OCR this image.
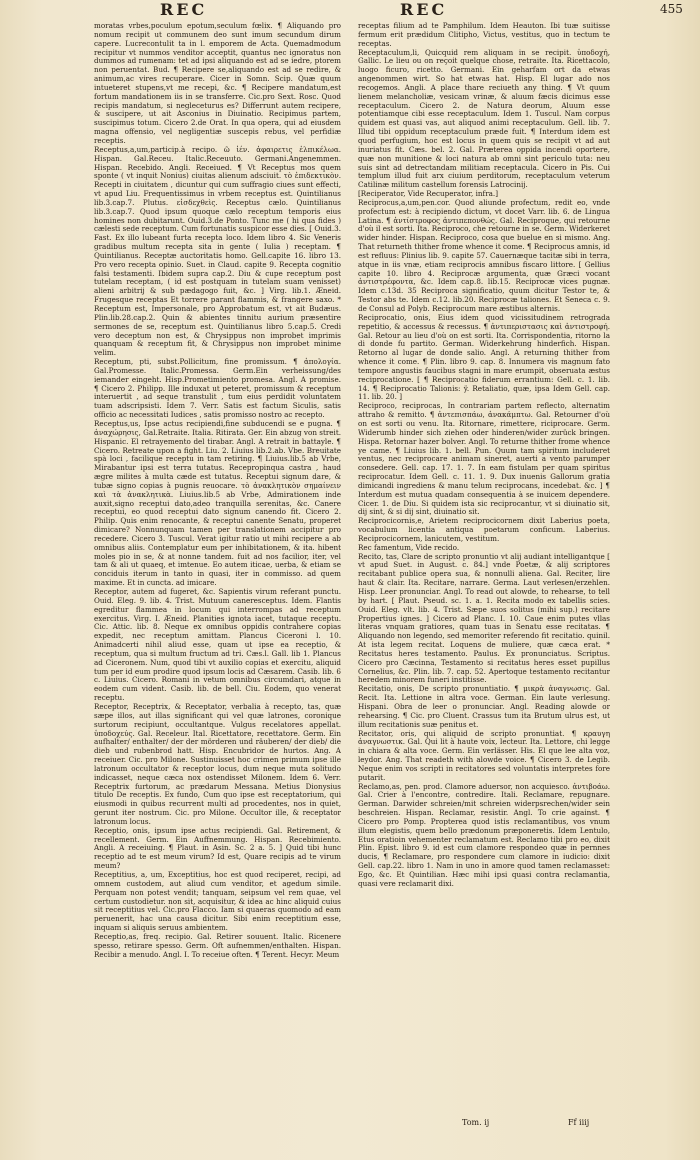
REC	REC	455

moratas vrbes,poculum epotum,seculum fœlix. ¶ Aliquando pro nomum recipit ut communem deo sunt imum secundum dirum capere. Lucrecontulit ta in l. emporem de Acta. Quemadmodum recipitur vt nummos venditor acceptit, quantus nec ignoratus non dummos ad rumenam: tet ad ipsi aliquando est ad se iedre, ptorem non peruentat. Bud. ¶ Recipere se,aliquando est ad se redire, & animum,ac vires recuperare. Cicer in Somn. Scip. Quæ quum intueteret stupens,vt me recepi, &c. ¶ Recipere mandatum,est fortum mandationem iis in se transferre. Cic.pro Sext. Rosc. Quod recipis mandatum, si negleceturus es? Differrunt autem recipere, & suscipere, ut ait Asconius in Diuinatio. Recipimus partem, suscipimus totum. Cicero 2.de Orat. In qua opera, qui ad eiusdem magna offensio, vel negligentiæ suscepis rebus, vel perfidiæ receptis.

Receptus,a,um,particip.à recipo. ῶ ἰέν. ἀφαιρετις ἐλπικέλωα. Hispan. Gal.Receu. Italic.Receuuto. Germani.Angenemmen. Hispan. Recebido. Angli. Receiued. ¶ Vt Receptus mos quem sponte ( vt inquit Nonius) ciuitas alienum adsciuit. τὸ ἐπιδεκτικὸν. Recepti in ciuitatem , dicuntur qui cum suffragio ciues sunt effecti, vt apud Liu. Frequentissimus in vrbem receptus est. Quintilianus lib.3.cap.7. Plutus. εἰσδεχθεὶς. Receptus cælo. Quintilianus lib.3.cap.7. Quod ipsum quoque cælo receptum temporis eius homines non dubitarunt. Ouid.3.de Ponto. Tunc me ( hi qua fides ) cælesti sede receptum. Cum fortunatis suspicor esse dies. [ Ouid.3. Fast. Ex illo lubeant furta recepta loco. Idem libro 4. Sic Veneris gradibus multum recepta sita in gente ( Iulia ) receptam. ¶ Quintilianus. Receptæ auctoritatis homo. Gell.capite 16. libro 13. Pro vero recepta opinio. Suet. in Claud. capite 9. Recepta cognitio falsi testamenti. Ibidem supra cap.2. Diu & cupe receptum post tutelam receptam, ( id est postquam in tutelam suam venisset) alieni arbitrij & sub pædagogo fuit, &c. ] Virg. lib.1. Æneid. Frugesque receptas Et torrere parant flammis, & frangere saxo. * Receptum est, Impersonale, pro Approbatum est, vt ait Budæus. Plin.lib.28.cap.2. Quin & abientes tinnitu aurium præsentire sermones de se, receptum est. Quintilianus libro 5.cap.5. Credi vero deceptum non est, & Chrysippus non improbet imprimis quanquam & receptum fit, & Chrysippus non improbet minime velim.

Receptum, pti, subst.Pollicitum, fine promissum. ¶ ἀπολογία. Gal.Promesse. Italic.Promessa. Germ.Ein verheissung/des iemander eingeht. Hisp.Prometimiento promesa. Angl. A promise. ¶ Cicero 2. Philipp. Ille induxat ut peteret, promissum & receptum interuertit , ad seque transtulit , tum eius perdidit voluntatem tuam adscripsisti. Idem 7. Verr. Satis est factum Siculis, satis officio ac necessitati Iudices , satis promisso nostro ac recepto.

Receptus,us, Ipse actus recipiendi,fine subducendi se e pugna. ¶ ἀναχώρησις, Gal.Retraite. Italia. Ritirata. Ger. Ein abzug von streit. Hispanic. El retrayemento del tirabar. Angl. A retrait in battayle. ¶ Cicero. Retreate upon a fight. Liu. 2. Liuius lib.2.ab. Vbe. Breuitate spà loci , facilique receptu in tam retiring. ¶ Liuius.lib.5 ab Vrbe, Mirabantur ipsi est terra tutatus. Recepropinqua castra , haud ægre milites à multa cæde est tutatus. Receptui signum dare, & tubæ signo copias à pugnis reuocare. τὸ ἀνακλητικὸν σημαίνειν καὶ τὰ ἀνακλητικὰ. Liuius.lib.5 ab Vrbe, Admirationem inde auxit,signo receptui dato,adeo tranquilla serenitas, &c. Canere receptui, eo quod receptui dato signum canendo fit. Cicero 2. Philip. Quis enim renocante, & receptui canente Senatu, properet dimicare? Nonnunquam tamen per translationem accipitur pro recedere. Cicero 3. Tuscul. Verat igitur ratio ut mihi recipere a ab omnibus aliis. Contemplatur eum per inhibitationem, & ita. hibent moles pio in se, & at nonne tandem. fuit ad nos facilior, iter, vel tam & ali ut quaeq, et imtenue. Eo autem iticae, uerba, & etiam se conciduis iterum in tanto in quasi, iter in commisso. ad quem maxime. Et in cuncta. ad imicare.

Receptor, autem ad fugeret, &c. Sapientis virum referant punctu. Ouid. Eleg. 9. lib. 4. Trist. Mutuum caneresceptus. Idem. Flantis egreditur flammea in locum qui interrompas ad receptum exercitus. Virg. I. Æneid. Planities ignota iacet, tutaque receptu. Cic. Attic. lib. 8. Neque ex omnibus oppidis contrahere copias expedit, nec receptum amittam. Plancus Ciceroni l. 10. Animadcerti nihil aliud esse, quam ut ipse ea receptio, & receptum, qua si multum fructum ad tri. Cæs.l. Gall. lib 1. Plancus ad Ciceronem. Num, quod tibi vt auxilio copias et exercitu, aliquid tum per id eum prodire quod ipsum locis ad Cæsarem. Casib. lib. 6 c. Liuius. Cicero. Romani in vetum omnibus circumdari, atque in eodem cum vident. Casib. lib. de bell. Ciu. Eodem, quo venerat receptu.

Receptor, Receptrix, & Receptator, verbalia à recepto, tas, quæ sæpe illos, aut illas significant qui vel quæ latrones, coronique surtorum recipiunt, occultantque. Vulgus recelatores appellat. ὑποδοχεύς. Gal. Receleur. Ital. Ricettatore, recettatore. Germ. Ein aufhalter/ enthalter/ der der mörderen und räuberen/ der dieb/ die dieb und rubenbrod hatt. Hisp. Encubridor de hurtos. Ang. A receiuer. Cic. pro Milone. Sustinuisset hoc crimen primum ipse ille latronum occultator & receptor locus, dum neque muta solitudo indicasset, neque cæca nox ostendisset Milonem. Idem 6. Verr. Receptrix furtorum, ac prædarum Messana. Metius Dionysius titulo De receptis. Ex fundo, Cum quo ipse est receptatorium, qui eiusmodi in quibus recurrent multi ad procedentes, nos in quiet, gerunt iter nostrum. Cic. pro Milone. Occultor ille, & receptator latronum locus.

Receptio, onis, ipsum ipse actus recipiendi. Gal. Retirement, & recellement. Germ. Ein Auffnemmung. Hispan. Recebimiento. Angli. A receiuing. ¶ Plaut. in Asin. Sc. 2 a. 5. ] Quid tibi hunc receptio ad te est meum virum? Id est, Quare recipis ad te virum meum?

Receptitius, a, um, Exceptitius, hoc est quod reciperet, recipi, ad omnem custodem, aut aliud cum venditor, et agedum simile. Perquam non potest vendit; tanquam, seipsum vel rem quae, vel certum custodietur. non sit, acquisitur, & idea ac hinc aliquid cuius sit receptitius vel. Cic.pro Flacco. Iam si quaeras quomodo ad eam peruenerit, hac una causa dicitur. Sibi enim receptitium esse, inquam si aliquis seruus ambientem.

Receptio,as, freq. recipio. Gal. Retirer souuent. Italic. Ricenere spesso, retirare spesso. Germ. Oft aufnemmen/enthalten. Hispan. Recibir a menudo. Angl. I. To receiue often. ¶ Terent. Hecyr. Meum

receptas filium ad te Pamphilum. Idem Heauton. Ibi tuæ suitisse fermum erit prædidum Clitipho, Victus, vestitus, quo in tectum te receptas.

Receptaculum,li, Quicquid rem aliquam in se recipit. ὑποδοχή, Gallic. Le lieu ou on reçoit quelque chose, retraite. Ita. Ricettacolo, luogo ficuro, ricetto. Germani. Ein geharfam ort da etwas angenommen wirt. So hat etwas hat. Hisp. El lugar ado nos recogemos. Angli. A place thare reciueth any thing. ¶ Vt quum lienem melancholiæ, vesicam vrinæ, & aluum fæcis dicimus esse receptaculum. Cicero 2. de Natura deorum, Aluum esse potentiamque cibi esse receptaculum. Idem 1. Tuscul. Nam corpus quidem est quasi vas, aut aliquod animi receptaculum. Gell. lib. 7. Illud tibi oppidum receptaculum præde fuit. ¶ Interdum idem est quod perfugium, hoc est locus in quem quis se recipit vt ad aut inuriatus fit. Cæs. bel. 2. Gal. Præterea oppida incendi oportere, quæ non munitione & loci natura ab omni sint periculo tuta: neu suis sint ad detrectandam militiam receptacula. Cicero in Pis. Cui templum illud fuit arx ciuium perditorum, receptaculum veterum Catilinæ militum castellum forensis Latrocinij.

[Reciperator, Vide Recuperator, infra.]

Reciprocus,a,um,pen.cor. Quod aliunde profectum, redit eo, vnde profectum est: à recipiendo dictum, vt docet Varr. lib. 6. de Lingua Latina. ¶ ἀντίστροφος ἀντιπεπονθώς. Gal. Reciproque, qui retourne d'où il est sorti. Ita. Reciproco, che retourne in se. Germ. Widerkeret wider hinder. Hispan. Reciproco, cosa que buelue en si mismo. Ang. That returneth thither frome whence it come. ¶ Reciprocus amnis, id est refluus: Plinius lib. 9. capite 57. Cauernæque tacitæ sibi in terra, atque in iis vnæ, etiam reciprocis amnibus fiscaro littore. [ Gellius capite 10. libro 4. Reciprocæ argumenta, quæ Græci vocant ἀντιστρέφοντα, &c. Idem cap.8. lib.15. Reciprocæ vices pugnæ. Idem c.13d. 35 Reciproca significatio, quum dicitur Testor te, & Testor abs te. Idem c.12. lib.20. Reciprocæ taliones. Et Seneca c. 9. de Consul ad Polyb. Reciprocum mare æstibus alternis.

Reciprocatio, onis, Eius idem quod vicissitudinem retrograda repetitio, & accessus & recessus. ¶ ἀντιπεριστασις καὶ ἀντιστροφή. Gal. Retour au lieu d'où on est sorti. Ita. Corrispondentia, ritorno la di donde fu partito. German. Widerkehrung hinderfich. Hispan. Retorno al lugar de donde salio. Angl. A returning thither from whence it come. ¶ Plin. libro 9. cap. 8. Innumera vis magnum fato tempore angustis faucibus stagni in mare erumpit, obseruata æstus reciprocatione. [ ¶ Reciprocatio fiderum errantium: Gell. c. 1. lib. 14. ¶ Reciprocatio Talionis: ÿ. Retaliatio, quæ, ipsa Idem Gell. cap. 11. lib. 20. ]

Reciproco, reciprocas, In contrariam partem reflecto, alternatim attraho & remitto. ¶ ἀντεπισπάω, ἀνακάμπτω. Gal. Retourner d'où on est sorti ou venu. Ita. Ritornare, rimettere, riciprocare. Germ. Widerumb hinder sich ziehen oder hinderen/wider zurück bringen. Hispa. Retornar hazer bolver. Angl. To returne thither frome whence ye came. ¶ Liuius lib. 1. bell. Pun. Quum tam spiritum includeret ventus, nec reciprocare animam sineret, auerti a vento parumper consedere. Gell. cap. 17. 1. 7. In eam fistulam per quam spiritus reciprocatur. Idem Gell. c. 11. 1. 9. Dux inuenis Gallorum gratia dimicandi ingrediens & manu telum reciprocans, incedebat. &c. ] ¶ Interdum est mutua quadam consequentia à se inuicem dependere. Cicer. 1. de Diu. Si quidem ista sic reciprocantur, vt si diuinatio sit, dij sint, & si dij sint, diuinatio sit.

Reciprocicornis,e, Arietem reciprocicornem dixit Laberius poeta, vocabulum licentia antiqua poetarum conficum. Laberius. Reciprocicornem, lanicutem, vestitum.

Rec famentum, Vide recido.

Recito, tas, Clare de scripto pronuntio vt alij audiant intelligantque [ vt apud Suet. in August. c. 84.] vnde Poetæ, & alij scriptores recitabant publice opera sua, & nonnulli aliena. Gal. Reciter, lire haut & clair. Ita. Recitare, narrare. Germa. Laut verlesen/erzehlen. Hisp. Leer pronunciar. Angl. To read out alowde, to rehearse, to tell by hart. [ Plaut. Pseud. sc. 1. a. 1. Recita modo ex tabellis scies. Ouid. Eleg. vlt. lib. 4. Trist. Sæpe suos solitus (mihi sup.) recitare Propertius ignes. ] Cicero ad Planc. I. 10. Caue enim putes vllas literas vnquam gratiores, quam tuas in Senatu esse recitatas. ¶ Aliquando non legendo, sed memoriter referendo fit recitatio. quinil. At ista legem recitat. Loquens de muliere, quæ cæca erat. * Recitatus heres testamento. Paulus. Ex pronunciatus. Scriptus. Cicero pro Cæcinna, Testamento si recitatus heres esset pupillus Cornelius, &c. Plin. lib. 7. cap. 52. Apertoque testamento recitantur heredem minorem funeri institisse.

Recitatio, onis, De scripto pronuntiatio. ¶ μικρὰ ἀναγνωσις. Gal. Recit. Ita. Lettione in altra voce. German. Ein laute verlesung. Hispani. Obra de leer o pronunciar. Angl. Reading alowde or rehearsing. ¶ Cic. pro Cluent. Crassus tum ita Brutum ulrus est, ut illum recitationis suæ penitus et.

Recitator, oris, qui aliquid de scripto pronuntiat. ¶ κραυγη ἀναγνωστικ. Gal. Qui lit à haute voix, lecteur. Ita. Lettore, chi legge in chiara & alta voce. Germ. Ein verlässer. His. El que lee alta voz, leydor. Ang. That readeth with alowde voice. ¶ Cicero 3. de Legib. Neque enim vos scripti in recitatores sed voluntatis interpretes fore putarit.

Reclamo,as, pen. prod. Clamore aduersor, non acquiesco. ἀντιβοάω. Gal. Crier à l'encontre, contredire. Itali. Reclamare, repugnare. German. Darwider schreien/mit schreien widerpsrechen/wider sein beschreien. Hispan. Reclamar, resistir. Angl. To crie against. ¶ Cicero pro Pomp. Propterea quod istis reclamantibus, vos vnum illum elegistis, quem bello prædonum præponeretis. Idem Lentulo, Etus oratioin vehementer reclamatum est. Reclamo tibi pro eo, dixit Plin. Epist. libro 9. id est cum clamore respondeo quæ in pernnes ducis, ¶ Reclamare, pro respondere cum clamore in iudicio: dixit Gell. cap.22. libro 1. Nam in uno in amore quod tamen reclamasset: Ego, &c. Et Quintilian. Hæc mihi ipsi quasi contra reclamantia, quasi vere reclamarit dixi.

Tom. ij	Ff iiij
